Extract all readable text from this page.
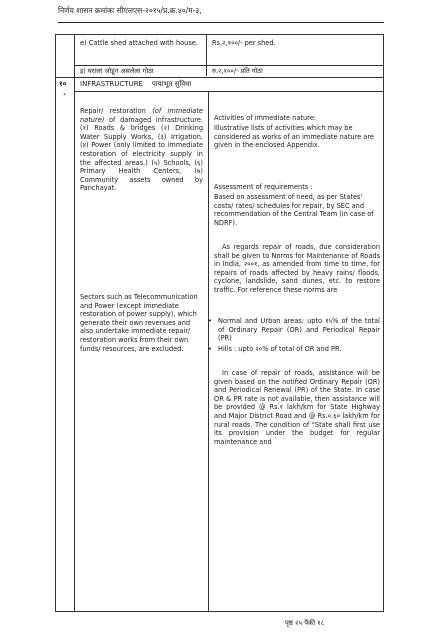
निर्णय शासन क्रमांकः सीएलएस-२०१५/प्र.क्र.४०/म-३,
e) Cattle shed attached with house.	Rs.२,१००/- per shed.
इ) घराला जोडून असलेला गोठा	रु.२,१००/- प्रति गोठा
१०
.
INFRASTRUCTURE पायाभूत सुविधा

Repair/ restoration (of immediate nature) of damaged infrastructure. (१) Roads & bridges (२) Drinking Water Supply Works, (३) Irrigation, (४) Power (only limited to immediate restoration of electricity supply in the affected areas.) (५) Schools, (६) Primary Health Centers, (७) Community assets owned by Panchayat.

Sectors such as Telecommunication and Power (except immediate restoration of power supply), which generate their own revenues and also undertake immediate repair/ restoration works from their own funds/ resources, are excluded.
Activities of immediate nature:
Illustrative lists of activities which may be considered as works of an immediate nature are given in the enclosed Appendix.
Assessment of requirements :
Based on assessment of need, as per States' costs/ rates/ schedules for repair, by SEC and recommendation of the Central Team (in case of NDRF).
As regards repair of roads, due consideration shall be given to Norms for Maintenance of Roads in India, २००१, as amended from time to time, for repairs of roads affected by heavy rains/ floods, cyclone, landslide, sand dunes, etc. to restore traffic. For reference these norms are
• Normal and Urban areas: upto १५% of the total of Ordinary Repair (OR) and Periodical Repair (PR)
• Hills : upto २०% of total of OR and PR.
In case of repair of roads, assistance will be given based on the notified Ordinary Repair (OR) and Periodical Renewal (PR) of the State. In case OR & PR rate is not available, then assistance will be provided @ Rs.१ lakh/km for State Highway and Major District Road and @ Rs.०.६० lakh/km for rural roads. The condition of "State shall first use its provision under the budget for regular maintenance and
पृष्ठ २५ पैकी १८
